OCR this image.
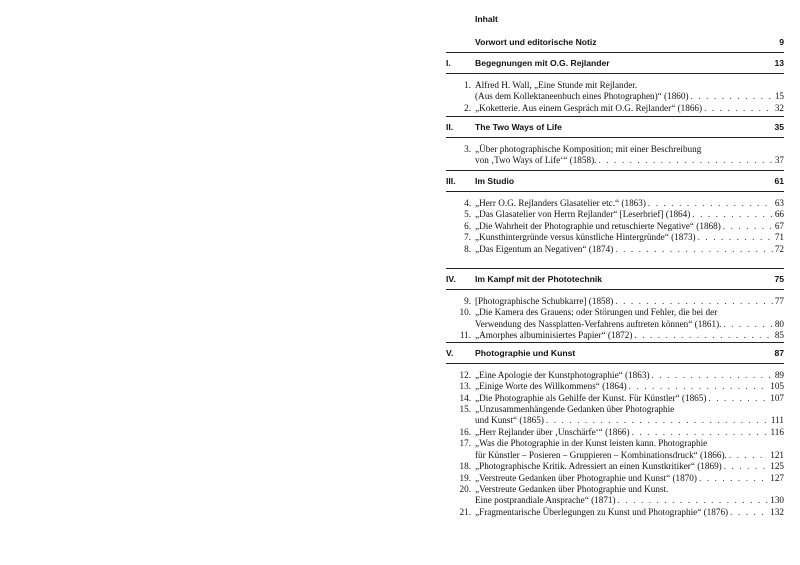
Inhalt
Vorwort und editorische Notiz	9
I.	Begegnungen mit O.G. Rejlander	13
1. Alfred H. Wall, „Eine Stunde mit Rejlander.
(Aus dem Kollektaneenbuch eines Photographen)“ (1860) . . .	15
2. „Koketterie. Aus einem Gespräch mit O.G. Rejlander“ (1866) . . .	32
II.	The Two Ways of Life	35
3. „Über photographische Komposition; mit einer Beschreibung
von ‚Two Ways of Life‘“ (1858). . . .	37
III. Im Studio	61
4. „Herr O.G. Rejlanders Glasatelier etc.“ (1863) . . .	63
5. „Das Glasatelier von Herrn Rejlander“ [Leserbrief] (1864) . . .	66
6. „Die Wahrheit der Photographie und retuschierte Negative“ (1868) . . .	67
7. „Kunsthintergründe versus künstliche Hintergründe“ (1873) . . .	71
8. „Das Eigentum an Negativen“ (1874) . . .	72
IV. Im Kampf mit der Phototechnik	75
9. [Photographische Schubkarre] (1858) . . .	77
10. „Die Kamera des Grauens; oder Störungen und Fehler, die bei der
Verwendung des Nassplatten-Verfahrens auftreten können“ (1861). . . .	80
11. „Amorphes albuminisiertes Papier“ (1872) . . .	85
V.	Photographie und Kunst	87
12. „Eine Apologie der Kunstphotographie“ (1863) . . .	89
13. „Einige Worte des Willkommens“ (1864) . . .	105
14. „Die Photographie als Gehilfe der Kunst. Für Künstler“ (1865) . . .	107
15. „Unzusammenhängende Gedanken über Photographie
und Kunst“ (1865) . . .	111
16. „Herr Rejlander über ‚Unschärfe‘“ (1866) . . .	116
17. „Was die Photographie in der Kunst leisten kann. Photographie
für Künstler – Posieren – Gruppieren – Kombinationsdruck“ (1866). . . .	121
18. „Photographische Kritik. Adressiert an einen Kunstkritiker“ (1869) . . .	125
19. „Verstreute Gedanken über Photographie und Kunst“ (1870) . . .	127
20. „Verstreute Gedanken über Photographie und Kunst.
Eine postprandiale Ansprache“ (1871) . . .	130
21. „Fragmentarische Überlegungen zu Kunst und Photographie“ (1876) . . .	132
